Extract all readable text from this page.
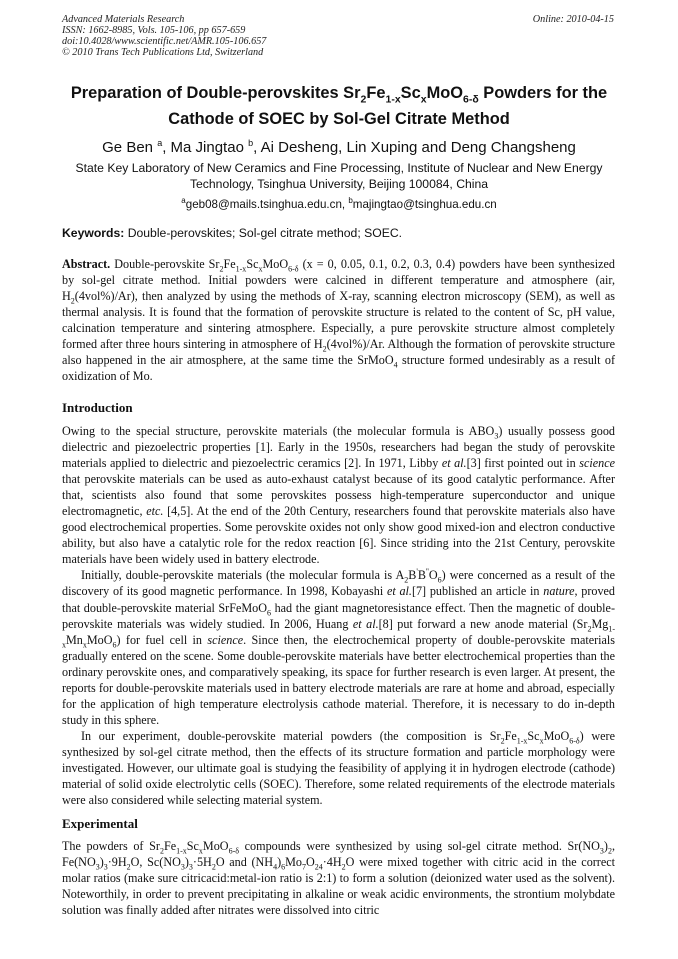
Advanced Materials Research
ISSN: 1662-8985, Vols. 105-106, pp 657-659
doi:10.4028/www.scientific.net/AMR.105-106.657
© 2010 Trans Tech Publications Ltd, Switzerland
Online: 2010-04-15
Preparation of Double-perovskites $Sr_2Fe_{1-x}Sc_xMoO_{6-\delta}$ Powders for the Cathode of SOEC by Sol-Gel Citrate Method
Ge Ben $^a$, Ma Jingtao $^b$, Ai Desheng, Lin Xuping and Deng Changsheng
State Key Laboratory of New Ceramics and Fine Processing, Institute of Nuclear and New Energy Technology, Tsinghua University, Beijing 100084, China
$^a$geb08@mails.tsinghua.edu.cn, $^b$majingtao@tsinghua.edu.cn
Keywords: Double-perovskites; Sol-gel citrate method; SOEC.

Abstract. Double-perovskite $Sr_2Fe_{1-x}Sc_xMoO_{6-\delta}$ (x = 0, 0.05, 0.1, 0.2, 0.3, 0.4) powders have been synthesized by sol-gel citrate method. Initial powders were calcined in different temperature and atmosphere (air, $H_2(4vol\%)/Ar$), then analyzed by using the methods of X-ray, scanning electron microscopy (SEM), as well as thermal analysis. It is found that the formation of perovskite structure is related to the content of Sc, pH value, calcination temperature and sintering atmosphere. Especially, a pure perovskite structure almost completely formed after three hours sintering in atmosphere of $H_2(4vol\%)/Ar$. Although the formation of perovskite structure also happened in the air atmosphere, at the same time the SrMoO$_4$ structure formed undesirably as a result of oxidization of Mo.

Introduction

Owing to the special structure, perovskite materials (the molecular formula is $ABO_3$) usually possess good dielectric and piezoelectric properties [1]. Early in the 1950s, researchers had began the study of perovskite materials applied to dielectric and piezoelectric ceramics [2]. In 1971, Libby et al.[3] first pointed out in science that perovskite materials can be used as auto-exhaust catalyst because of its good catalytic performance. After that, scientists also found that some perovskites possess high-temperature superconductor and unique electromagnetic, etc. [4,5]. At the end of the 20th Century, researchers found that perovskite materials also have good electrochemical properties. Some perovskite oxides not only show good mixed-ion and electron conductive ability, but also have a catalytic role for the redox reaction [6]. Since striding into the 21st Century, perovskite materials have been widely used in battery electrode.

Initially, double-perovskite materials (the molecular formula is $A_2B'B''O_6$) were concerned as a result of the discovery of its good magnetic performance. In 1998, Kobayashi et al.[7] published an article in nature, proved that double-perovskite material SrFeMoO$_6$ had the giant magnetoresistance effect. Then the magnetic of double-perovskite materials was widely studied. In 2006, Huang et al.[8] put forward a new anode material $(Sr_2Mg_{1-x}Mn_xMoO_6)$ for fuel cell in science. Since then, the electrochemical property of double-perovskite materials gradually entered on the scene. Some double-perovskite materials have better electrochemical properties than the ordinary perovskite ones, and comparatively speaking, its space for further research is even larger. At present, the reports for double-perovskite materials used in battery electrode materials are rare at home and abroad, especially for the application of high temperature electrolysis cathode material. Therefore, it is necessary to do in-depth study in this sphere.

In our experiment, double-perovskite material powders (the composition is $Sr_2Fe_{1-x}Sc_xMoO_{6-\delta}$) were synthesized by sol-gel citrate method, then the effects of its structure formation and particle morphology were investigated. However, our ultimate goal is studying the feasibility of applying it in hydrogen electrode (cathode) material of solid oxide electrolytic cells (SOEC). Therefore, some related requirements of the electrode materials were also considered while selecting material system.

Experimental

The powders of $Sr_2Fe_{1-x}Sc_xMoO_{6-\delta}$ compounds were synthesized by using sol-gel citrate method. $Sr(NO_3)_2$, $Fe(NO_3)_3\cdot 9H_2O$, $Sc(NO_3)_3\cdot 5H_2O$ and $(NH_4)_6Mo_7O_{24}\cdot 4H_2O$ were mixed together with citric acid in the correct molar ratios (make sure citricacid:metal-ion ratio is 2:1) to form a solution (deionized water used as the solvent). Noteworthily, in order to prevent precipitating in alkaline or weak acidic environments, the strontium molybdate solution was finally added after nitrates were dissolved into citric
